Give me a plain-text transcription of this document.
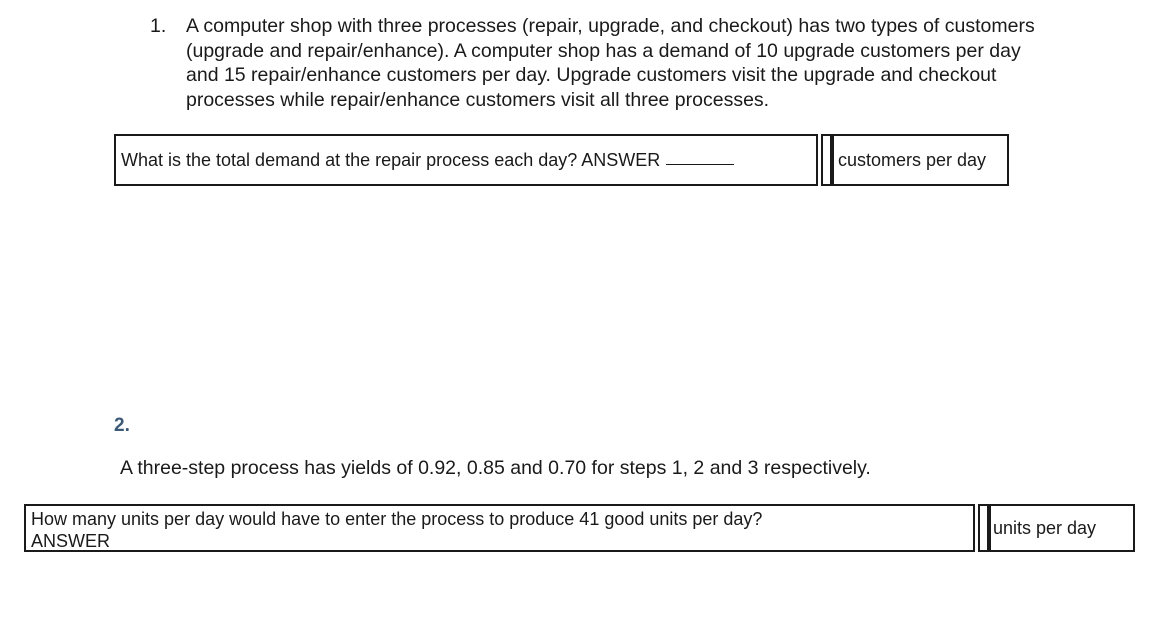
1. A computer shop with three processes (repair, upgrade, and checkout) has two types of customers (upgrade and repair/enhance). A computer shop has a demand of 10 upgrade customers per day and 15 repair/enhance customers per day. Upgrade customers visit the upgrade and checkout processes while repair/enhance customers visit all three processes.
What is the total demand at the repair process each day? ANSWER	customers per day
2.
A three-step process has yields of 0.92, 0.85 and 0.70 for steps 1, 2 and 3 respectively.
How many units per day would have to enter the process to produce 41 good units per day?
ANSWER
units per day
